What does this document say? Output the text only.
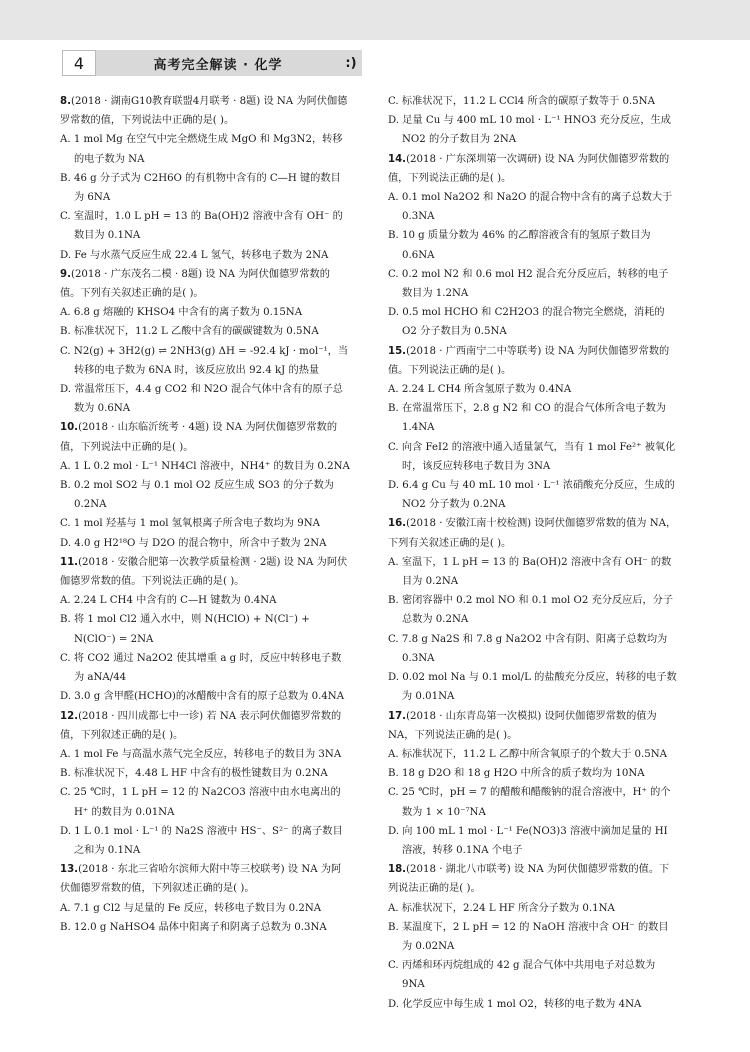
4	高考完全解读 · 化学	:)

8.(2018 · 湖南G10教育联盟4月联考 · 8题) 设 NA 为阿伏伽德罗常数的值，下列说法中正确的是( )。

A. 1 mol Mg 在空气中完全燃烧生成 MgO 和 Mg3N2，转移的电子数为 NA

B. 46 g 分子式为 C2H6O 的有机物中含有的 C—H 键的数目为 6NA

C. 室温时，1.0 L pH = 13 的 Ba(OH)2 溶液中含有 OH⁻ 的数目为 0.1NA

D. Fe 与水蒸气反应生成 22.4 L 氢气，转移电子数为 2NA

9.(2018 · 广东茂名二模 · 8题) 设 NA 为阿伏伽德罗常数的值。下列有关叙述正确的是( )。

A. 6.8 g 熔融的 KHSO4 中含有的离子数为 0.15NA

B. 标准状况下，11.2 L 乙酸中含有的碳碳键数为 0.5NA

C. N2(g) + 3H2(g) ⇌ 2NH3(g) ΔH = -92.4 kJ · mol⁻¹，当转移的电子数为 6NA 时，该反应放出 92.4 kJ 的热量

D. 常温常压下，4.4 g CO2 和 N2O 混合气体中含有的原子总数为 0.6NA

10.(2018 · 山东临沂统考 · 4题) 设 NA 为阿伏伽德罗常数的值，下列说法中正确的是( )。

A. 1 L 0.2 mol · L⁻¹ NH4Cl 溶液中，NH4⁺ 的数目为 0.2NA

B. 0.2 mol SO2 与 0.1 mol O2 反应生成 SO3 的分子数为 0.2NA

C. 1 mol 羟基与 1 mol 氢氧根离子所含电子数均为 9NA

D. 4.0 g H2¹⁸O 与 D2O 的混合物中，所含中子数为 2NA

11.(2018 · 安徽合肥第一次教学质量检测 · 2题) 设 NA 为阿伏伽德罗常数的值。下列说法正确的是( )。

A. 2.24 L CH4 中含有的 C—H 键数为 0.4NA

B. 将 1 mol Cl2 通入水中，则 N(HClO) + N(Cl⁻) + N(ClO⁻) = 2NA

C. 将 CO2 通过 Na2O2 使其增重 a g 时，反应中转移电子数为 aNA/44

D. 3.0 g 含甲醛(HCHO)的冰醋酸中含有的原子总数为 0.4NA

12.(2018 · 四川成都七中一诊) 若 NA 表示阿伏伽德罗常数的值，下列叙述正确的是( )。

A. 1 mol Fe 与高温水蒸气完全反应，转移电子的数目为 3NA

B. 标准状况下，4.48 L HF 中含有的极性键数目为 0.2NA

C. 25 ℃时，1 L pH = 12 的 Na2CO3 溶液中由水电离出的 H⁺ 的数目为 0.01NA

D. 1 L 0.1 mol · L⁻¹ 的 Na2S 溶液中 HS⁻、S²⁻ 的离子数目之和为 0.1NA

13.(2018 · 东北三省哈尔滨师大附中等三校联考) 设 NA 为阿伏伽德罗常数的值，下列叙述正确的是( )。

A. 7.1 g Cl2 与足量的 Fe 反应，转移电子数目为 0.2NA

B. 12.0 g NaHSO4 晶体中阳离子和阴离子总数为 0.3NA

C. 标准状况下，11.2 L CCl4 所含的碳原子数等于 0.5NA

D. 足量 Cu 与 400 mL 10 mol · L⁻¹ HNO3 充分反应，生成 NO2 的分子数目为 2NA

14.(2018 · 广东深圳第一次调研) 设 NA 为阿伏伽德罗常数的值，下列说法正确的是( )。

A. 0.1 mol Na2O2 和 Na2O 的混合物中含有的离子总数大于 0.3NA

B. 10 g 质量分数为 46% 的乙醇溶液含有的氢原子数目为 0.6NA

C. 0.2 mol N2 和 0.6 mol H2 混合充分反应后，转移的电子数目为 1.2NA

D. 0.5 mol HCHO 和 C2H2O3 的混合物完全燃烧，消耗的 O2 分子数目为 0.5NA

15.(2018 · 广西南宁二中等联考) 设 NA 为阿伏伽德罗常数的值。下列说法正确的是( )。

A. 2.24 L CH4 所含氢原子数为 0.4NA

B. 在常温常压下，2.8 g N2 和 CO 的混合气体所含电子数为 1.4NA

C. 向含 FeI2 的溶液中通入适量氯气，当有 1 mol Fe²⁺ 被氧化时，该反应转移电子数目为 3NA

D. 6.4 g Cu 与 40 mL 10 mol · L⁻¹ 浓硝酸充分反应，生成的 NO2 分子数为 0.2NA

16.(2018 · 安徽江南十校检测) 设阿伏伽德罗常数的值为 NA，下列有关叙述正确的是( )。

A. 室温下，1 L pH = 13 的 Ba(OH)2 溶液中含有 OH⁻ 的数目为 0.2NA

B. 密闭容器中 0.2 mol NO 和 0.1 mol O2 充分反应后，分子总数为 0.2NA

C. 7.8 g Na2S 和 7.8 g Na2O2 中含有阴、阳离子总数均为 0.3NA

D. 0.02 mol Na 与 0.1 mol/L 的盐酸充分反应，转移的电子数为 0.01NA

17.(2018 · 山东青岛第一次模拟) 设阿伏伽德罗常数的值为 NA，下列说法正确的是( )。

A. 标准状况下，11.2 L 乙醇中所含氧原子的个数大于 0.5NA

B. 18 g D2O 和 18 g H2O 中所含的质子数均为 10NA

C. 25 ℃时，pH = 7 的醋酸和醋酸钠的混合溶液中，H⁺ 的个数为 1 × 10⁻⁷NA

D. 向 100 mL 1 mol · L⁻¹ Fe(NO3)3 溶液中滴加足量的 HI 溶液，转移 0.1NA 个电子

18.(2018 · 湖北八市联考) 设 NA 为阿伏伽德罗常数的值。下列说法正确的是( )。

A. 标准状况下，2.24 L HF 所含分子数为 0.1NA

B. 某温度下，2 L pH = 12 的 NaOH 溶液中含 OH⁻ 的数目为 0.02NA

C. 丙烯和环丙烷组成的 42 g 混合气体中共用电子对总数为 9NA

D. 化学反应中每生成 1 mol O2，转移的电子数为 4NA
